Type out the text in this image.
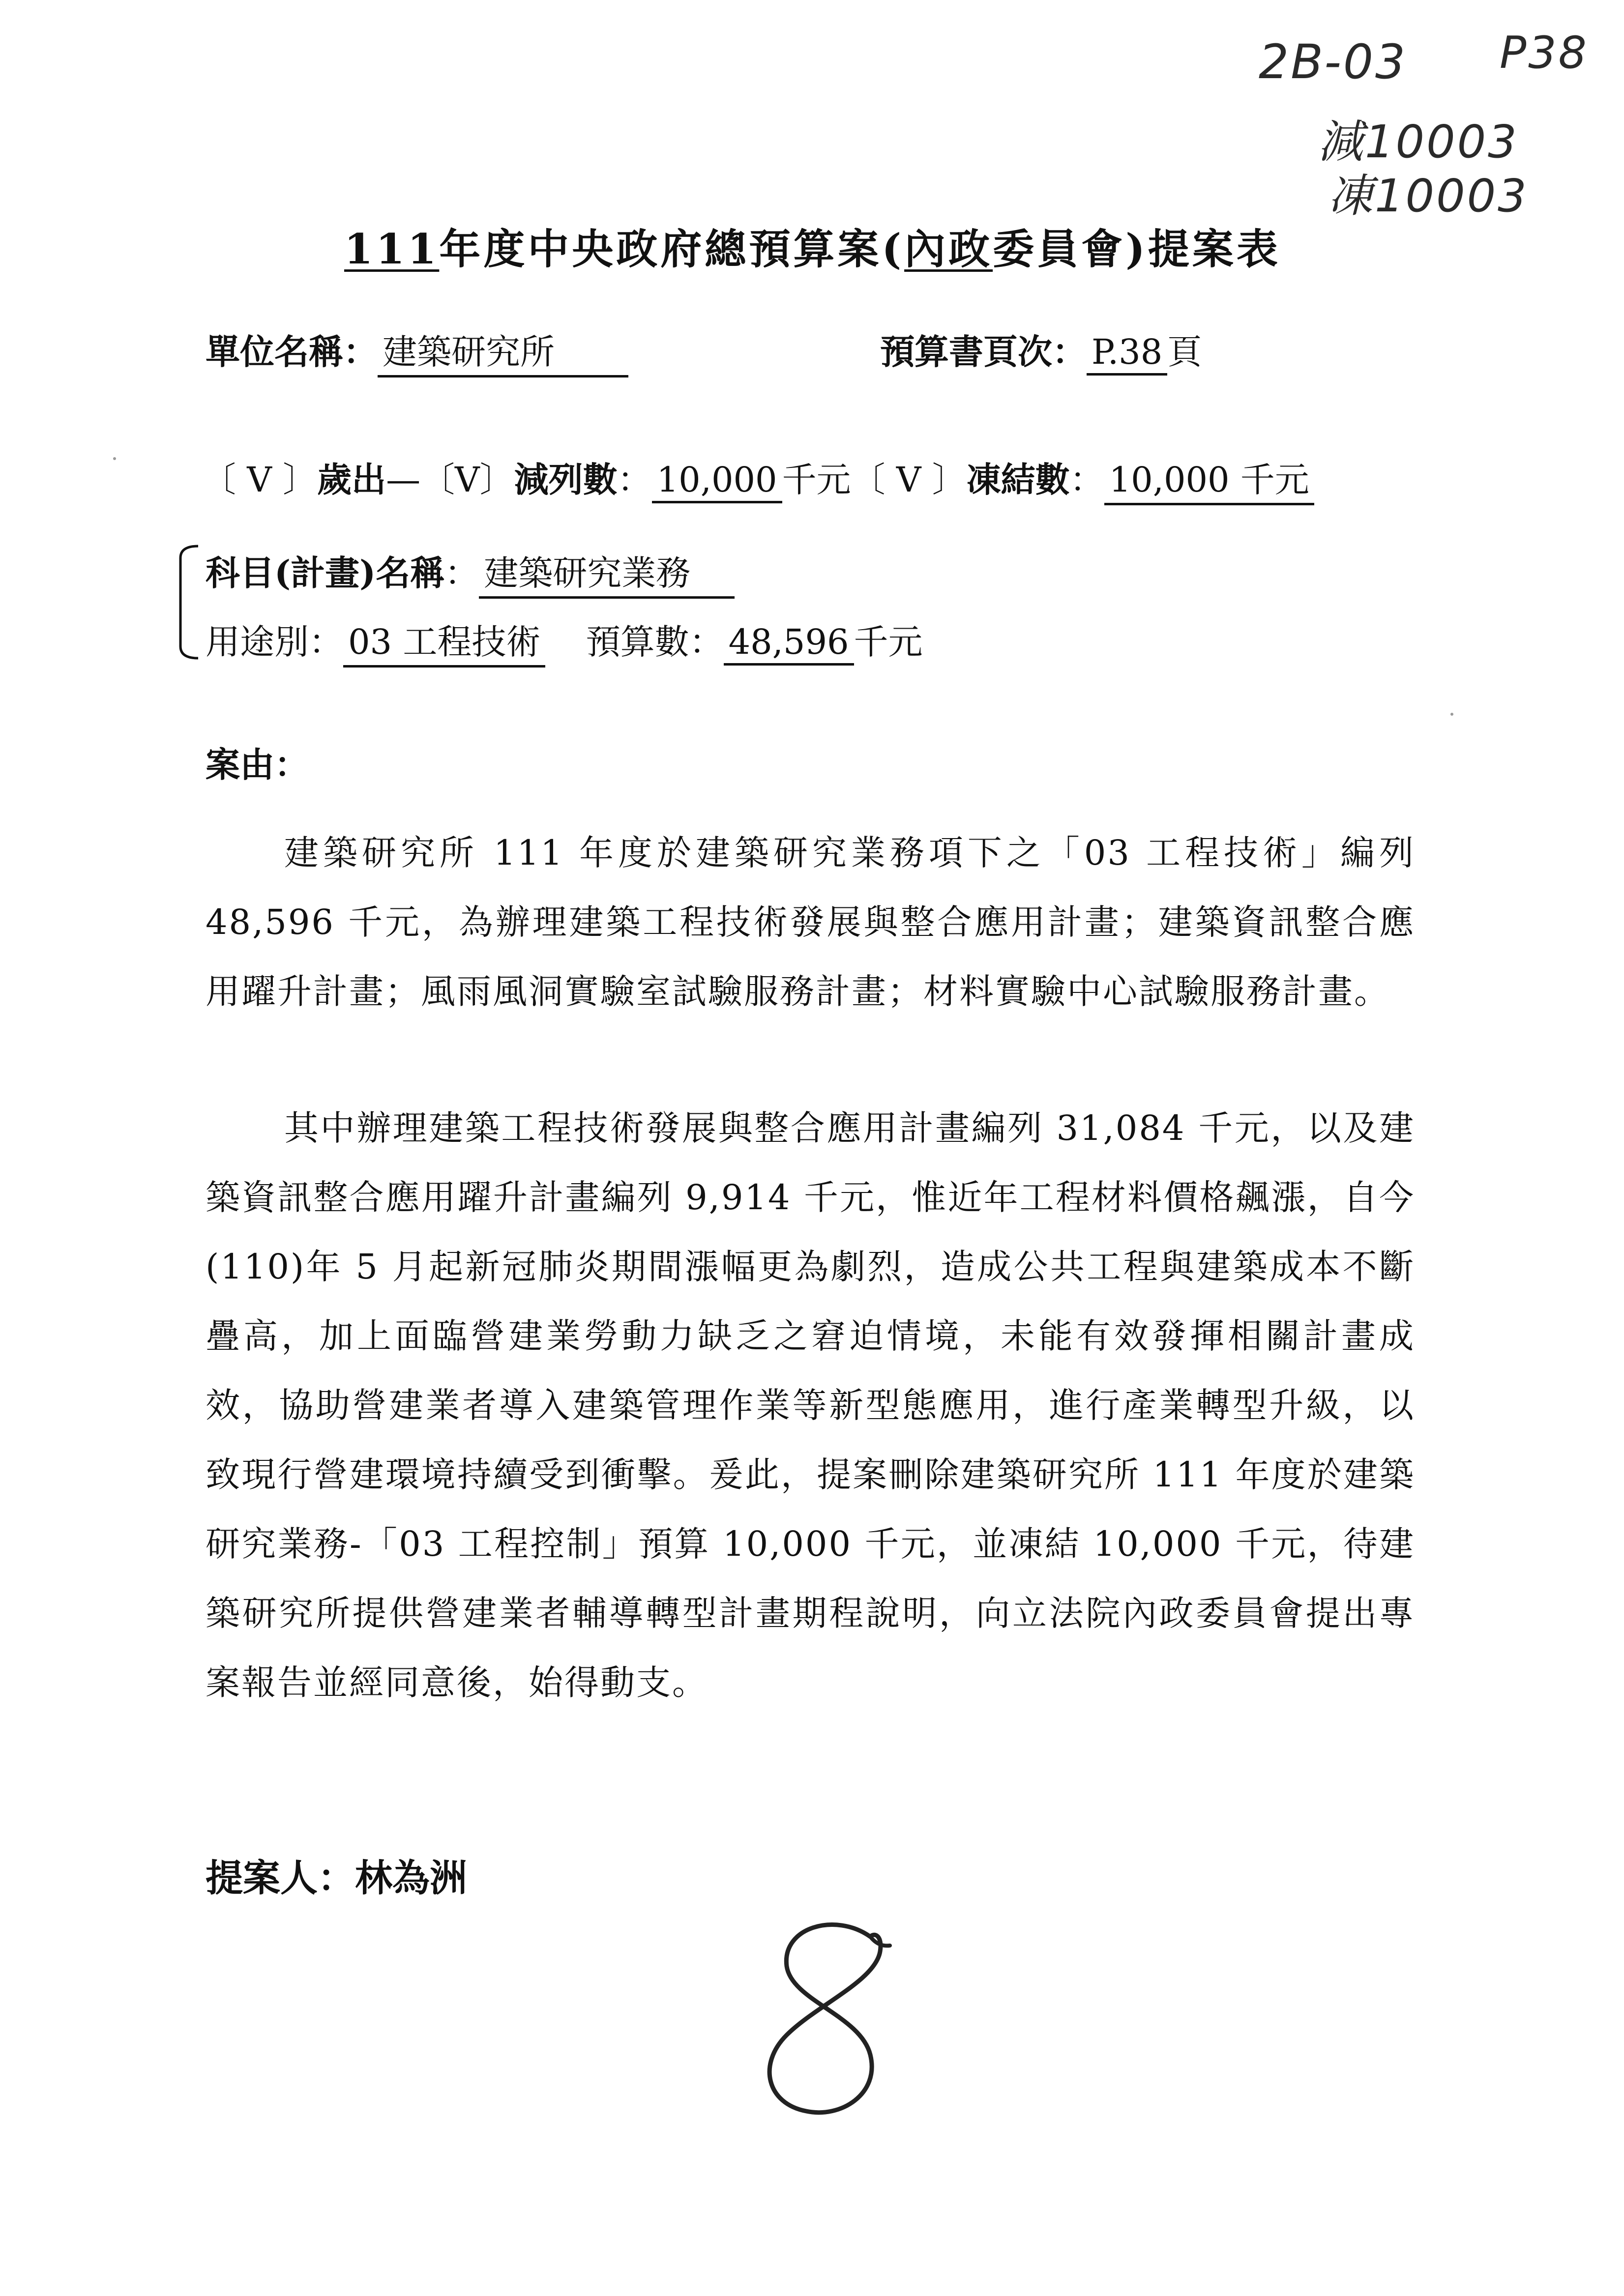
2B-03 P38
減10003
凍10003
111年度中央政府總預算案(內政委員會)提案表
單位名稱： 建築研究所	預算書頁次： P.38 頁
〔 V 〕歲出—〔V〕減列數： 10,000 千元〔 V 〕凍結數： 10,000 千元
科目(計畫)名稱： 建築研究業務
用途別： 03 工程技術 預算數： 48,596 千元
案由：
建築研究所 111 年度於建築研究業務項下之「03 工程技術」編列 48,596 千元，為辦理建築工程技術發展與整合應用計畫；建築資訊整合應用躍升計畫；風雨風洞實驗室試驗服務計畫；材料實驗中心試驗服務計畫。
其中辦理建築工程技術發展與整合應用計畫編列 31,084 千元，以及建築資訊整合應用躍升計畫編列 9,914 千元，惟近年工程材料價格飆漲，自今(110)年 5 月起新冠肺炎期間漲幅更為劇烈，造成公共工程與建築成本不斷疊高，加上面臨營建業勞動力缺乏之窘迫情境，未能有效發揮相關計畫成效，協助營建業者導入建築管理作業等新型態應用，進行產業轉型升級，以致現行營建環境持續受到衝擊。爰此，提案刪除建築研究所 111 年度於建築研究業務-「03 工程控制」預算 10,000 千元，並凍結 10,000 千元，待建築研究所提供營建業者輔導轉型計畫期程說明，向立法院內政委員會提出專案報告並經同意後，始得動支。
提案人：林為洲
